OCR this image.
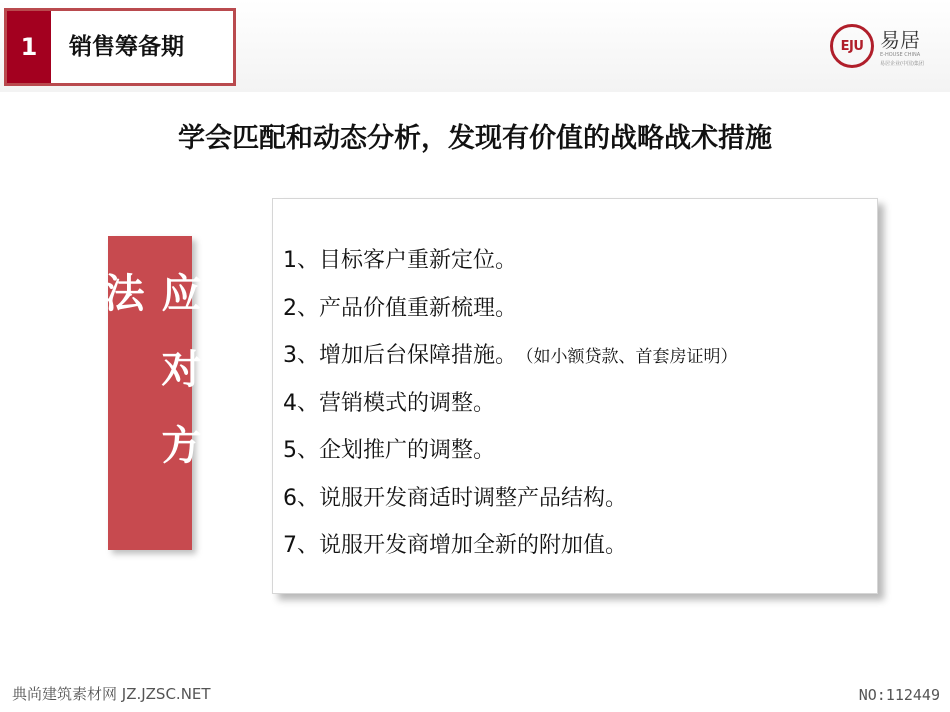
1	销售筹备期	EJU 易居
E-HOUSE CHINA
易居企业(中国)集团
学会匹配和动态分析，发现有价值的战略战术措施
应对方法
1、目标客户重新定位。
2、产品价值重新梳理。
3、增加后台保障措施。 （如小额贷款、首套房证明）
4、营销模式的调整。
5、企划推广的调整。
6、说服开发商适时调整产品结构。
7、说服开发商增加全新的附加值。
典尚建筑素材网 JZ.JZSC.NET	NO:112449
